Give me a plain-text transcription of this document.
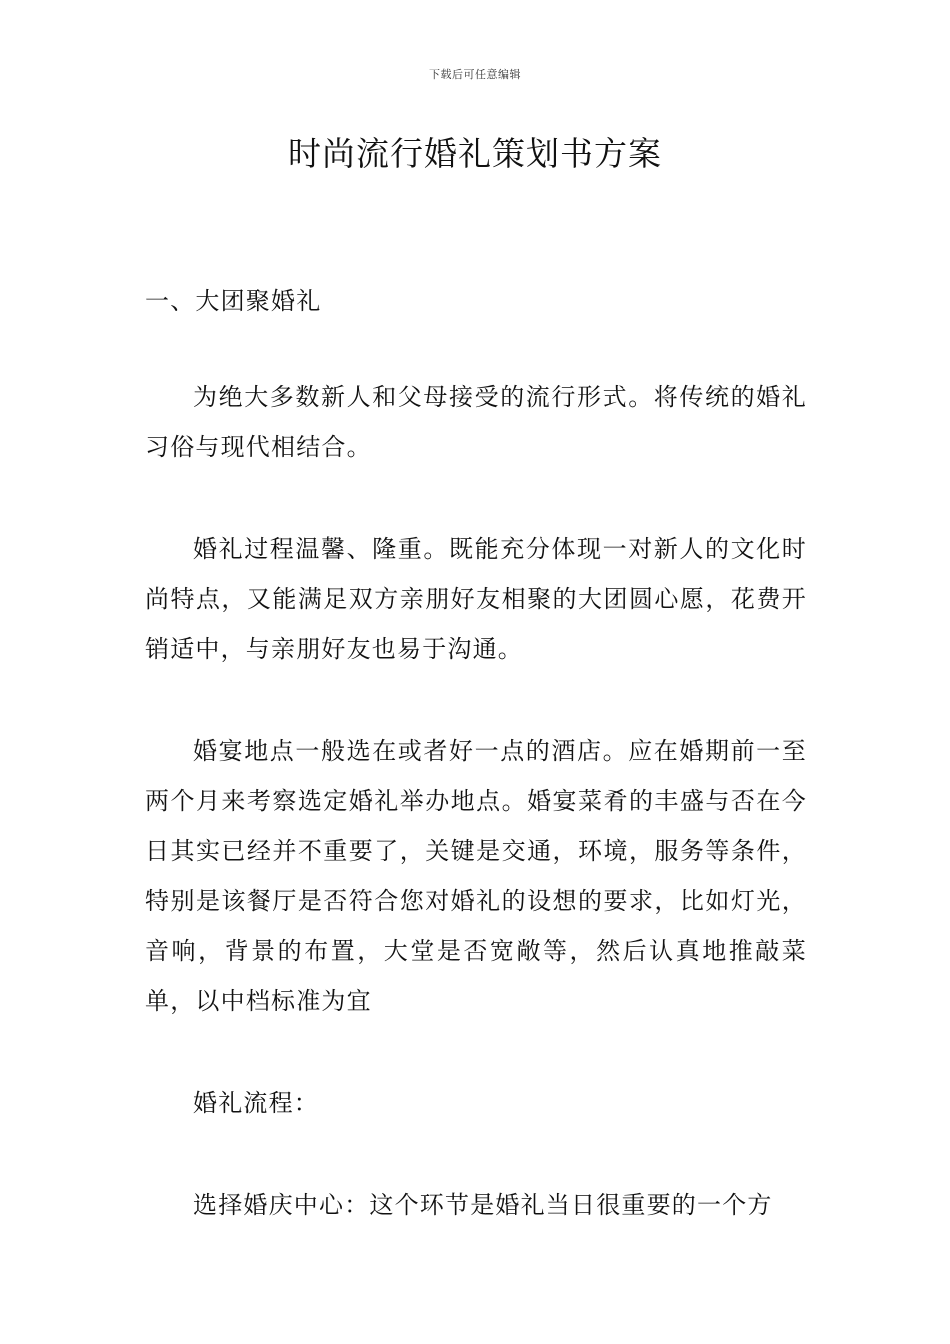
下载后可任意编辑
时尚流行婚礼策划书方案

一、大团聚婚礼

为绝大多数新人和父母接受的流行形式。将传统的婚礼习俗与现代相结合。

婚礼过程温馨、隆重。既能充分体现一对新人的文化时尚特点，又能满足双方亲朋好友相聚的大团圆心愿，花费开销适中，与亲朋好友也易于沟通。

婚宴地点一般选在或者好一点的酒店。应在婚期前一至两个月来考察选定婚礼举办地点。婚宴菜肴的丰盛与否在今日其实已经并不重要了，关键是交通，环境，服务等条件，特别是该餐厅是否符合您对婚礼的设想的要求，比如灯光，音响，背景的布置，大堂是否宽敞等，然后认真地推敲菜单，以中档标准为宜

婚礼流程：

选择婚庆中心：这个环节是婚礼当日很重要的一个方
